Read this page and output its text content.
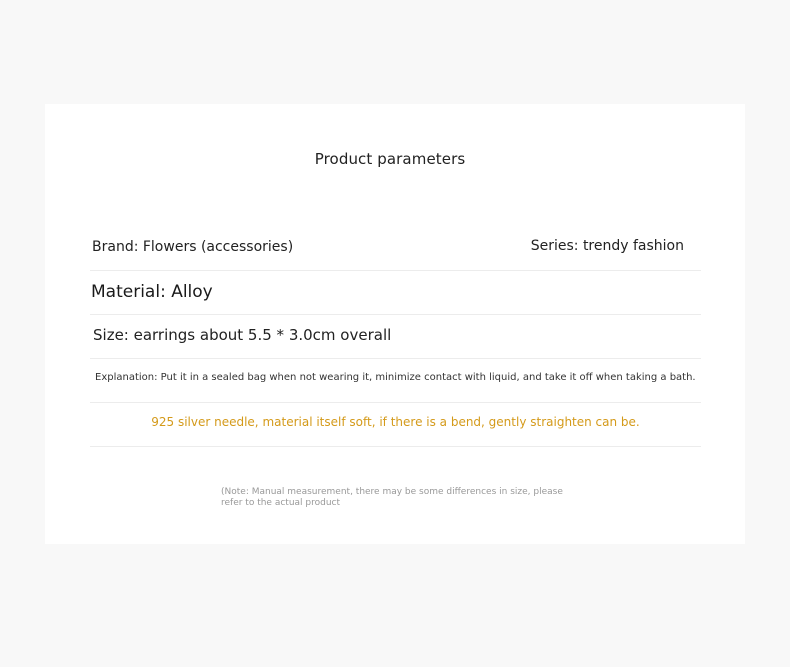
Product parameters
Brand: Flowers (accessories)	Series: trendy fashion
Material: Alloy
Size: earrings about 5.5 * 3.0cm overall
Explanation: Put it in a sealed bag when not wearing it, minimize contact with liquid, and take it off when taking a bath.
925 silver needle, material itself soft, if there is a bend, gently straighten can be.
(Note: Manual measurement, there may be some differences in size, please refer to the actual product
